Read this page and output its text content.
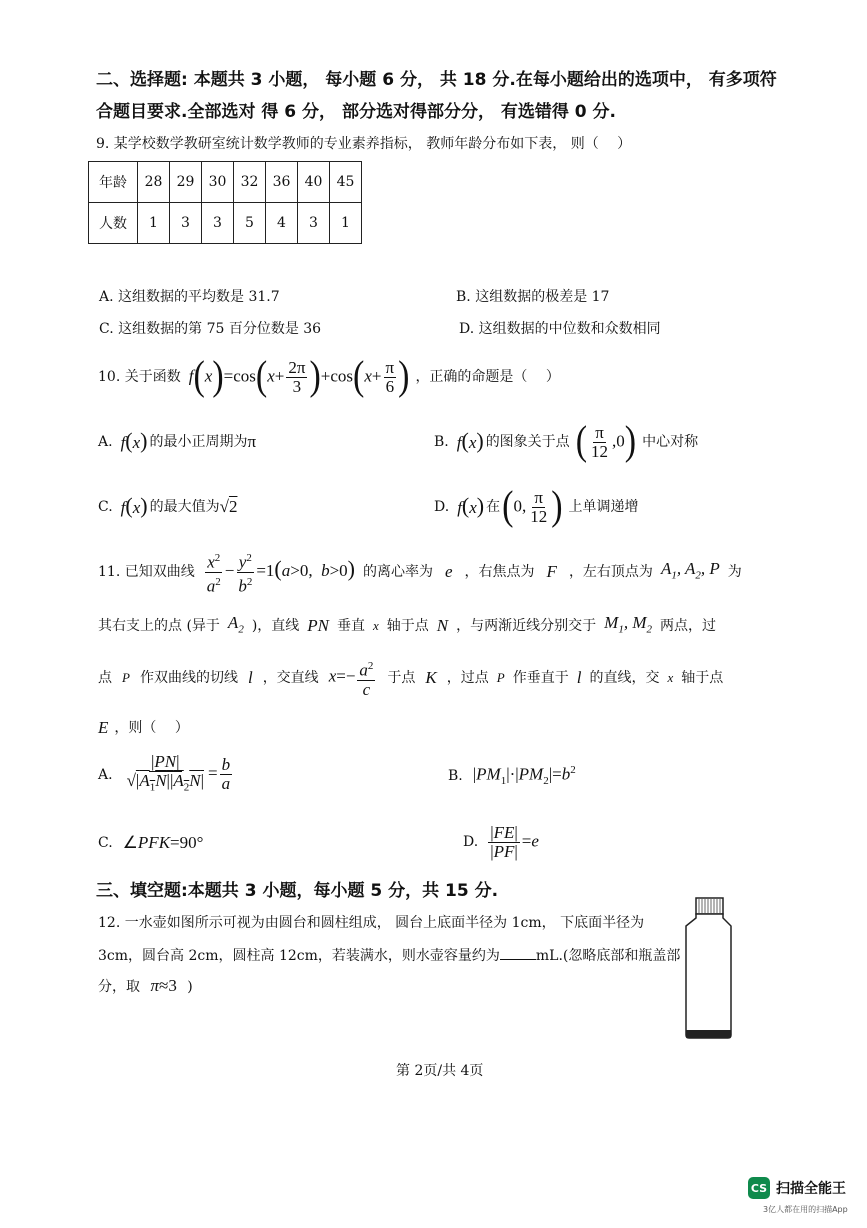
二、选择题: 本题共 3 小题， 每小题 6 分， 共 18 分.在每小题给出的选项中， 有多项符
合题目要求.全部选对 得 6 分， 部分选对得部分分， 有选错得 0 分.
9. 某学校数学教研室统计数学教师的专业素养指标， 教师年龄分布如下表， 则（　 ）
年龄	28	29	30	32	36	40	45
人数	1	3	3	5	4	3	1
A. 这组数据的平均数是 31.7	B. 这组数据的极差是 17
C. 这组数据的第 75 百分位数是 36	D. 这组数据的中位数和众数相同
10. 关于函数 $f(x)=\cos(x+ \frac{2\pi}{3} )+\cos(x+ \frac{\pi}{6}$ ) ，正确的命题是（　 ）
A. f(x) 的最小正周期为 π	B. f(x) 的图象关于点 ( $\frac{\pi}{12} ,0$) 中心对称
C. f(x) 的最大值为 √2	D. f(x) 在 (0, $\frac{\pi}{12}$ ) 上单调递增
11. 已知双曲线 $\frac{x^2}{a^2} - \frac{y^2}{b^2} =1(a>0$,  b>0) 的离心率为 e ，右焦点为 F ，左右顶点为 $A_1$, $A_2$, P 为
其右支上的点 (异于 $A_2$ )，直线 PN 垂直 x 轴于点 N ，与两渐近线分别交于 $M_1$, $M_2$ 两点，过
点 P 作双曲线的切线 l ，交直线 $x=- \frac{a^2}{c}$ 于点 K ，过点 P 作垂直于 l 的直线，交 x 轴于点
E ，则（　 ）
A. $\frac{|PN|}{√|A_1N||A_2N|} = \frac{b}{a}$	B. $|PM_1|\cdot|PM_2|=b^2$
C. ∠PFK=90°	D. $\frac{|FE|}{|PF|} =e$
三、填空题:本题共 3 小题，每小题 5 分，共 15 分.
12. 一水壶如图所示可视为由圆台和圆柱组成， 圆台上底面半径为 1cm， 下底面半径为
3cm，圆台高 2cm，圆柱高 12cm，若装满水，则水壶容量约为	mL.(忽略底部和瓶盖部
分，取 π≈3 )
第 2页/共 4页
CS 扫描全能王
3亿人都在用的扫描App
